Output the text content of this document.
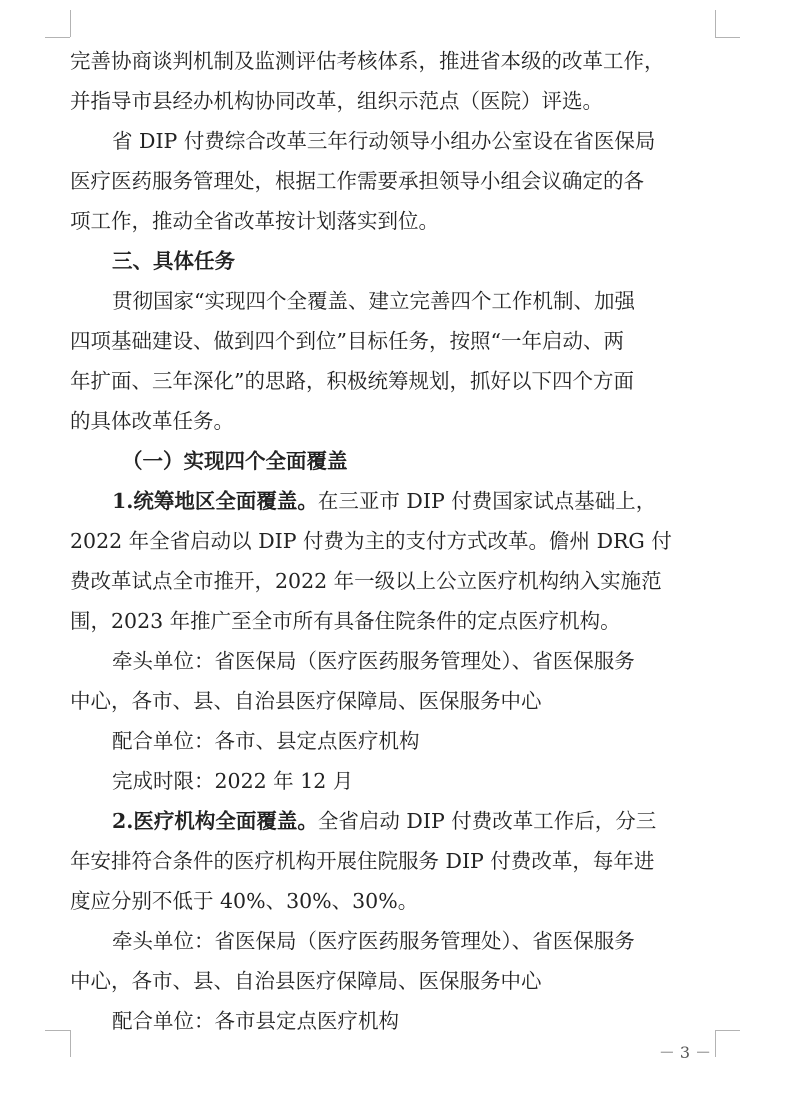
完善协商谈判机制及监测评估考核体系，推进省本级的改革工作，
并指导市县经办机构协同改革，组织示范点（医院）评选。
省 DIP 付费综合改革三年行动领导小组办公室设在省医保局
医疗医药服务管理处，根据工作需要承担领导小组会议确定的各
项工作，推动全省改革按计划落实到位。
三、具体任务
贯彻国家“实现四个全覆盖、建立完善四个工作机制、加强
四项基础建设、做到四个到位”目标任务，按照“一年启动、两
年扩面、三年深化”的思路，积极统筹规划，抓好以下四个方面
的具体改革任务。
（一）实现四个全面覆盖
1.统筹地区全面覆盖。在三亚市 DIP 付费国家试点基础上，
2022 年全省启动以 DIP 付费为主的支付方式改革。儋州 DRG 付
费改革试点全市推开，2022 年一级以上公立医疗机构纳入实施范
围，2023 年推广至全市所有具备住院条件的定点医疗机构。
牵头单位：省医保局（医疗医药服务管理处）、省医保服务
中心，各市、县、自治县医疗保障局、医保服务中心
配合单位：各市、县定点医疗机构
完成时限：2022 年 12 月
2.医疗机构全面覆盖。全省启动 DIP 付费改革工作后，分三
年安排符合条件的医疗机构开展住院服务 DIP 付费改革，每年进
度应分别不低于 40%、30%、30%。
牵头单位：省医保局（医疗医药服务管理处）、省医保服务
中心，各市、县、自治县医疗保障局、医保服务中心
配合单位：各市县定点医疗机构
－ 3 －
